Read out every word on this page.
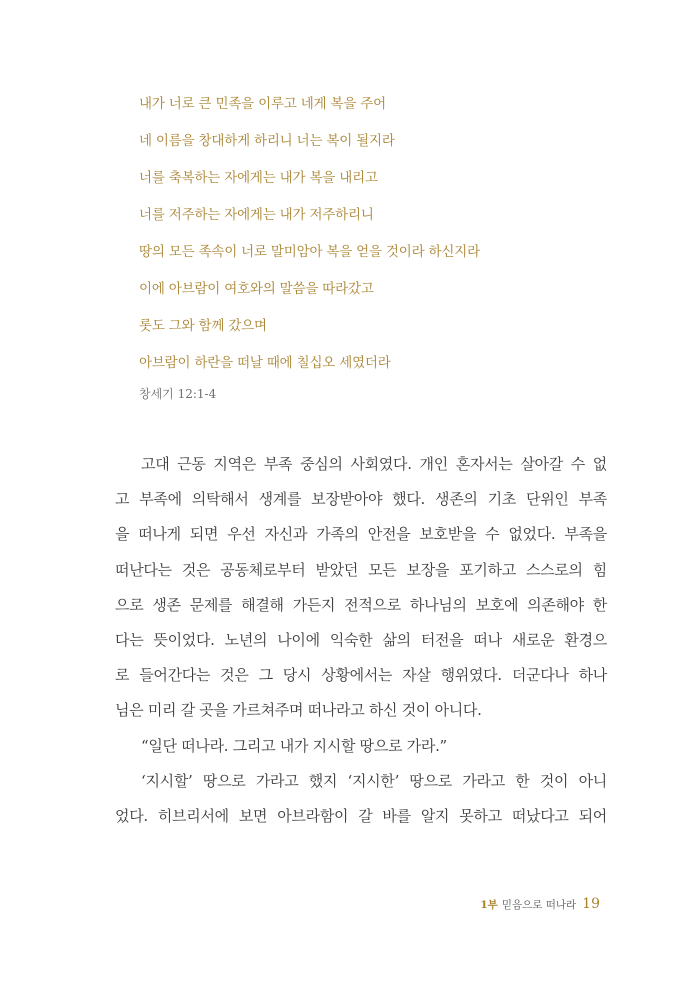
내가 너로 큰 민족을 이루고 네게 복을 주어
네 이름을 창대하게 하리니 너는 복이 될지라
너를 축복하는 자에게는 내가 복을 내리고
너를 저주하는 자에게는 내가 저주하리니
땅의 모든 족속이 너로 말미암아 복을 얻을 것이라 하신지라
이에 아브람이 여호와의 말씀을 따라갔고
롯도 그와 함께 갔으며
아브람이 하란을 떠날 때에 칠십오 세였더라
창세기 12:1-4
고대 근동 지역은 부족 중심의 사회였다. 개인 혼자서는 살아갈 수 없
고 부족에 의탁해서 생계를 보장받아야 했다. 생존의 기초 단위인 부족
을 떠나게 되면 우선 자신과 가족의 안전을 보호받을 수 없었다. 부족을
떠난다는 것은 공동체로부터 받았던 모든 보장을 포기하고 스스로의 힘
으로 생존 문제를 해결해 가든지 전적으로 하나님의 보호에 의존해야 한
다는 뜻이었다. 노년의 나이에 익숙한 삶의 터전을 떠나 새로운 환경으
로 들어간다는 것은 그 당시 상황에서는 자살 행위였다. 더군다나 하나
님은 미리 갈 곳을 가르쳐주며 떠나라고 하신 것이 아니다.
“일단 떠나라. 그리고 내가 지시할 땅으로 가라.”
‘지시할’ 땅으로 가라고 했지 ‘지시한’ 땅으로 가라고 한 것이 아니
었다. 히브리서에 보면 아브라함이 갈 바를 알지 못하고 떠났다고 되어
1부 믿음으로 떠나라 19
